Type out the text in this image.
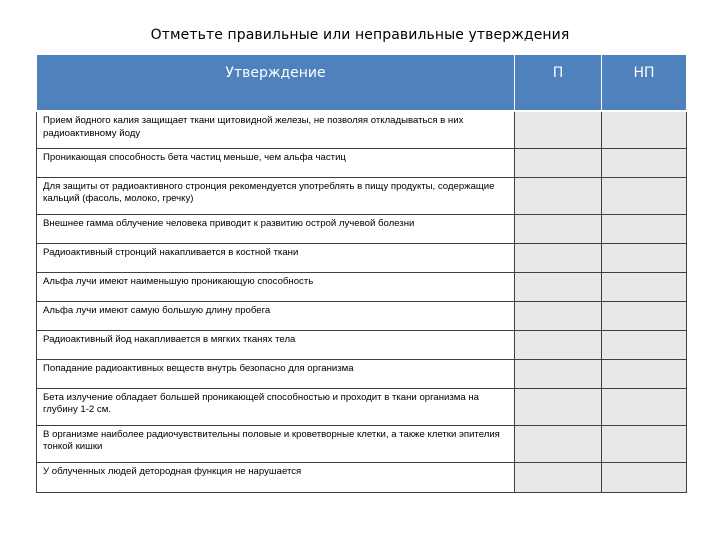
Отметьте правильные или неправильные утверждения
Утверждение	П	НП
Прием йодного калия защищает ткани щитовидной железы, не позволяя откладываться в них радиоактивному йоду		
Проникающая способность бета частиц меньше, чем альфа частиц		
Для защиты от радиоактивного стронция рекомендуется употреблять в пищу продукты, содержащие кальций (фасоль, молоко, гречку)		
Внешнее гамма облучение человека приводит к развитию острой лучевой болезни		
Радиоактивный стронций накапливается в костной ткани		
Альфа лучи имеют наименьшую проникающую способность		
Альфа лучи имеют самую большую длину пробега		
Радиоактивный йод накапливается в мягких тканях тела		
Попадание радиоактивных веществ внутрь безопасно для организма		
Бета излучение обладает большей проникающей способностью и проходит в ткани организма на глубину 1-2 см.		
В организме наиболее радиочувствительны половые и кроветворные клетки, а также клетки эпителия тонкой кишки		
У облученных людей детородная функция не нарушается		
